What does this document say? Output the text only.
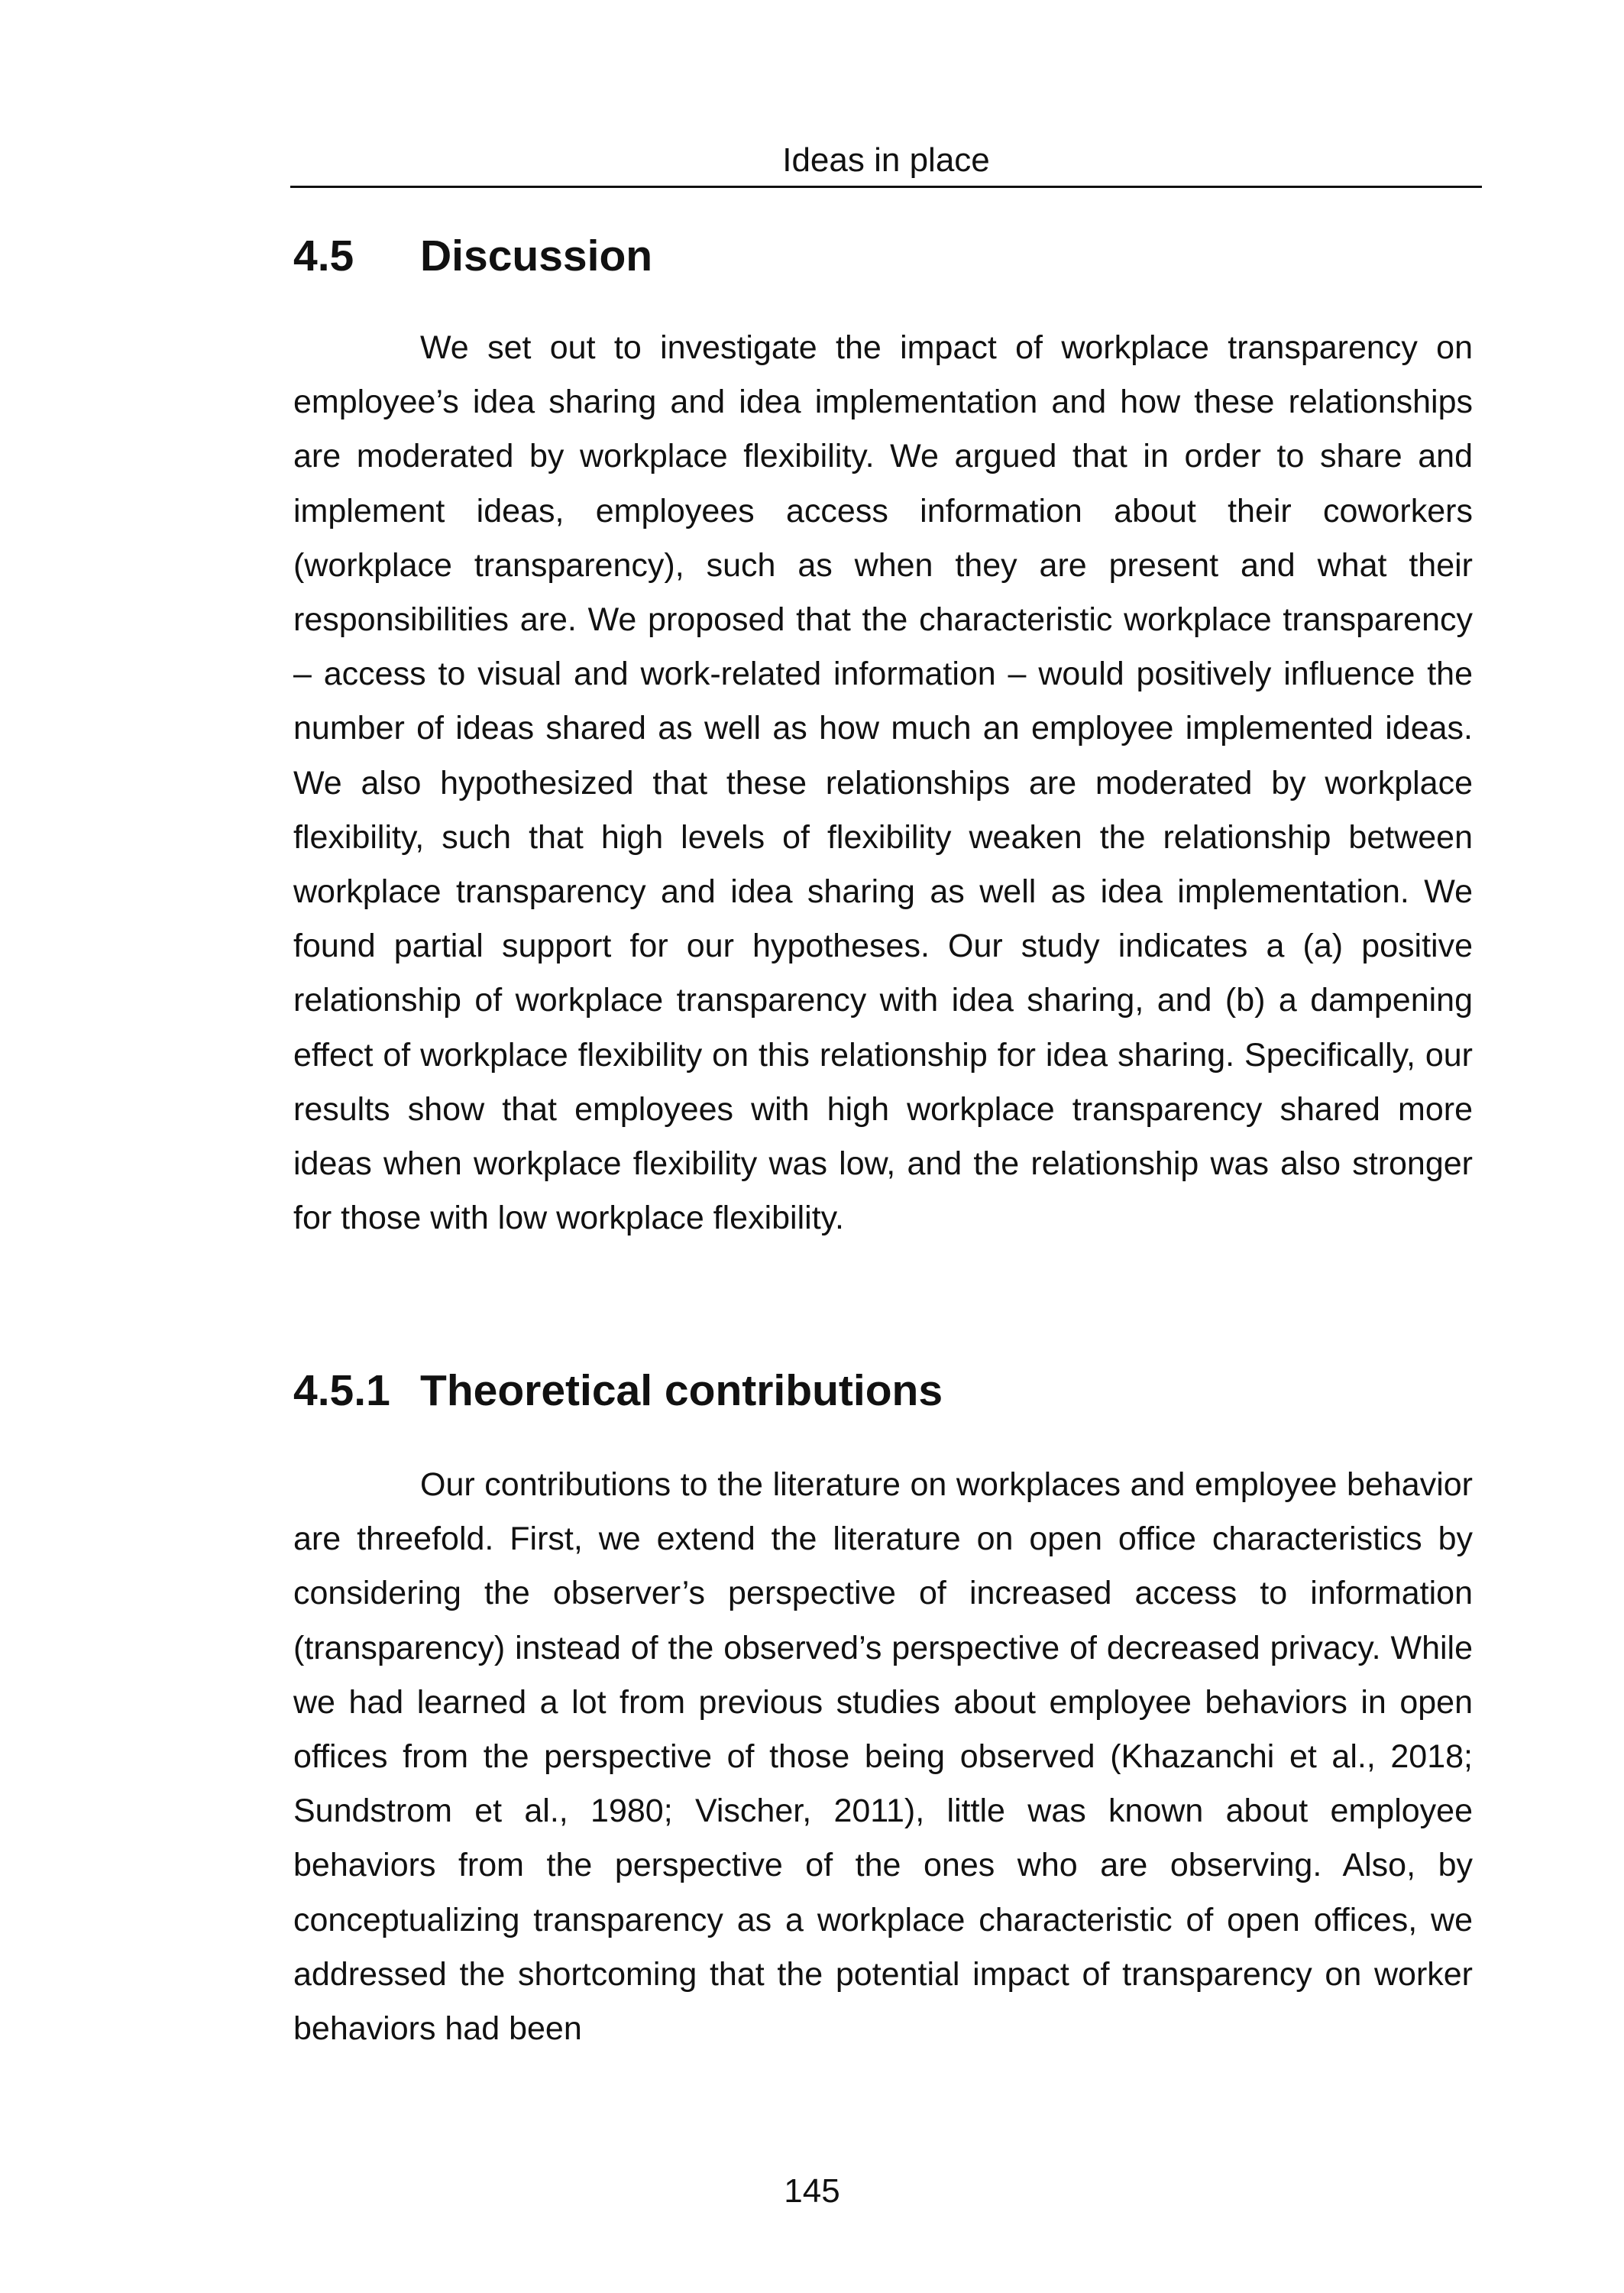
Ideas in place
4.5 Discussion

We set out to investigate the impact of workplace transparency on employee’s idea sharing and idea implementation and how these relationships are moderated by workplace flexibility. We argued that in order to share and implement ideas, employees access information about their coworkers (workplace transparency), such as when they are present and what their responsibilities are. We proposed that the characteristic workplace transparency – access to visual and work-related information – would positively influence the number of ideas shared as well as how much an employee implemented ideas. We also hypothesized that these relationships are moderated by workplace flexibility, such that high levels of flexibility weaken the relationship between workplace transparency and idea sharing as well as idea implementation. We found partial support for our hypotheses. Our study indicates a (a) positive relationship of workplace transparency with idea sharing, and (b) a dampening effect of workplace flexibility on this relationship for idea sharing. Specifically, our results show that employees with high workplace transparency shared more ideas when workplace flexibility was low, and the relationship was also stronger for those with low workplace flexibility.

4.5.1 Theoretical contributions

Our contributions to the literature on workplaces and employee behavior are threefold. First, we extend the literature on open office characteristics by considering the observer’s perspective of increased access to information (transparency) instead of the observed’s perspective of decreased privacy. While we had learned a lot from previous studies about employee behaviors in open offices from the perspective of those being observed (Khazanchi et al., 2018; Sundstrom et al., 1980; Vischer, 2011), little was known about employee behaviors from the perspective of the ones who are observing. Also, by conceptualizing transparency as a workplace characteristic of open offices, we addressed the shortcoming that the potential impact of transparency on worker behaviors had been

145
